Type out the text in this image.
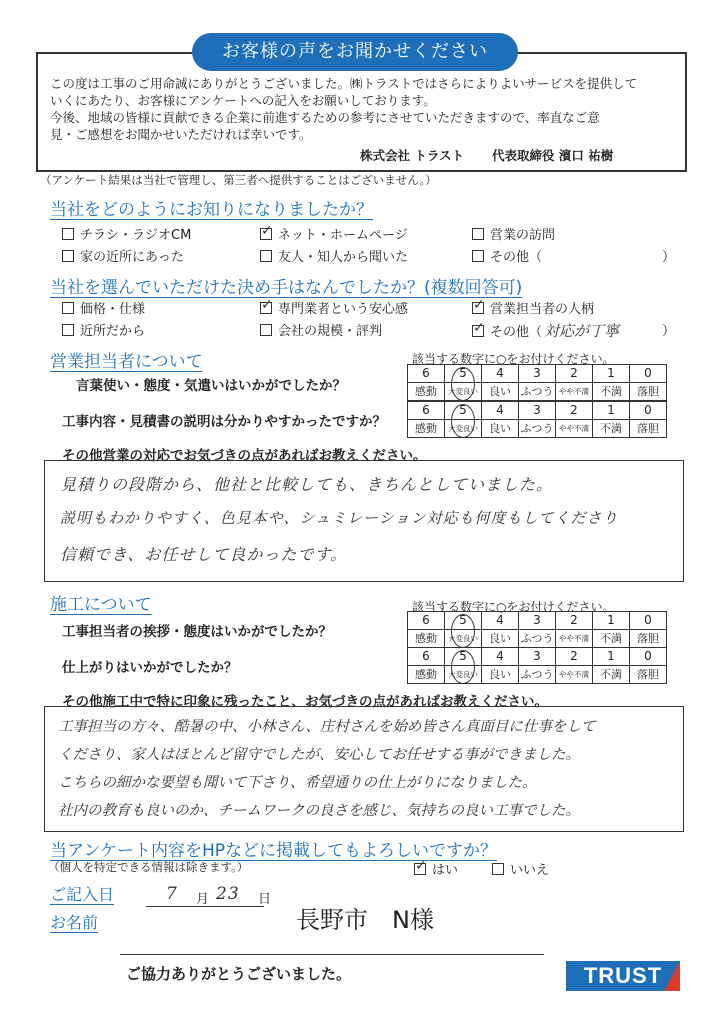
お客様の声をお聞かせください
この度は工事のご用命誠にありがとうございました。㈱トラストではさらによりよいサービスを提供して
いくにあたり、お客様にアンケートへの記入をお願いしております。
今後、地域の皆様に貢献できる企業に前進するための参考にさせていただきますので、率直なご意
見・ご感想をお聞かせいただければ幸いです。
株式会社 トラスト 代表取締役 濱口 祐樹
（アンケート結果は当社で管理し、第三者へ提供することはございません。）
当社をどのようにお知りになりましたか？
チラシ・ラジオCM ✓	ネット・ホームページ	営業の訪問
家の近所にあった	友人・知人から聞いた	その他（	）
当社を選んでいただけた決め手はなんでしたか？(複数回答可)
価格・仕様 ✓	専門業者という安心感 ✓	営業担当者の人柄
近所だから	会社の規模・評判 ✓	その他（ 対応が丁寧	）
営業担当者について	該当する数字に○をお付けください。
言葉使い・態度・気遣いはいかがでしたか？
工事内容・見積書の説明は分かりやすかったですか？
6	5	4	3	2	1	0
感動	大変良い	良い	ふつう	やや不満	不満	落胆
6	5	4	3	2	1	0
感動	大変良い	良い	ふつう	やや不満	不満	落胆
その他営業の対応でお気づきの点があればお教えください。
見積りの段階から、他社と比較しても、きちんとしていました。
説明もわかりやすく、色見本や、シュミレーション対応も何度もしてくださり
信頼でき、お任せして良かったです。
施工について	該当する数字に○をお付けください。
工事担当者の挨拶・態度はいかがでしたか？
仕上がりはいかがでしたか？
6	5	4	3	2	1	0
感動	大変良い	良い	ふつう	やや不満	不満	落胆
6	5	4	3	2	1	0
感動	大変良い	良い	ふつう	やや不満	不満	落胆
その他施工中で特に印象に残ったこと、お気づきの点があればお教えください。
工事担当の方々、酷暑の中、小林さん、庄村さんを始め皆さん真面目に仕事をして
くださり、家人はほとんど留守でしたが、安心してお任せする事ができました。
こちらの細かな要望も聞いて下さり、希望通りの仕上がりになりました。
社内の教育も良いのか、チームワークの良さを感じ、気持ちの良い工事でした。
当アンケート内容をHPなどに掲載してもよろしいですか？
（個人を特定できる情報は除きます。） ✓	はい	いいえ
ご記入日	7 月 23 日
お名前	長野市　N様
ご協力ありがとうございました。	TRUST
